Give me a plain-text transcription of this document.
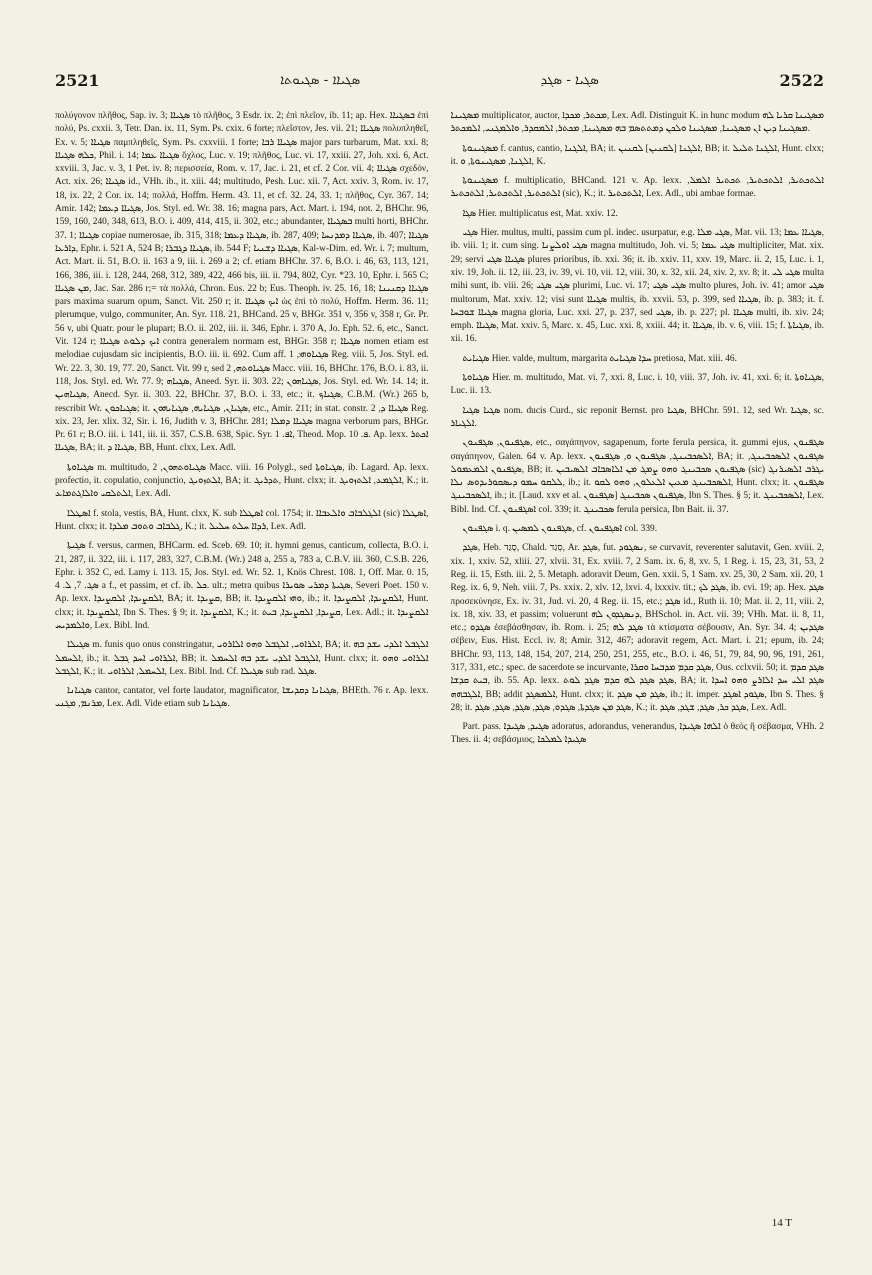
2521	ܣܓܝܐܐ - ܣܓܝܘܬܐ	ܣܓܝܐ - ܣܓܕ	2522

πολύγονον πλῆθος, Sap. iv. 3; ܣܓܝܐܐ τὸ πλῆθος, 3 Esdr. ix. 2; ἐπὶ πλεῖον, ib. 11; ap. Hex. ܒܣܓܝܐܐ ἐπὶ πολύ, Ps. cxxii. 3, Tetr. Dan. ix. 11, Sym. Ps. cxix. 6 forte; πλεῖστον, Jes. vii. 21; ܣܓܝܐܐ πολυπληθεῖ, Ex. v. 5; ܣܓܝܐܐ παμπληθεῖς, Sym. Ps. cxxviii. 1 forte; ܣܓܝܐܐ ܪܒܐ major pars turbarum, Mat. xxi. 8; ܟܠܗ ܣܓܝܐܐ, Phil. i. 14; ܣܓܝܐܐ ܥܡܐ ὄχλος, Luc. v. 19; πλῆθος, Luc. vi. 17, xxiii. 27, Joh. xxi. 6, Act. xxviii. 3, Jac. v. 3, 1 Pet. iv. 8; περισσεία, Rom. v. 17, Jac. i. 21, et cf. 2 Cor. vii. 4; ܣܓܝܐܐ σχεδόν, Act. xix. 26; ܣܓܝܐܐ id., VHh. ib., it. xiii. 44; multitudo, Pesh. Luc. xii. 7, Act. xxiv. 3, Rom. iv. 17, 18, ix. 22, 2 Cor. ix. 14; πολλά, Hoffm. Herm. 43. 11, et cf. 32. 24, 33. 1; πλῆθος, Cyr. 367. 14; Amir. 142; ܣܓܝܐܐ ܕܥܡܐ, Jos. Styl. ed. Wr. 38. 16; magna pars, Act. Mart. i. 194, not. 2, BHChr. 96, 159, 160, 240, 348, 613, B.O. i. 409, 414, 415, ii. 302, etc.; abundanter, ܒܣܓܝܐܐ multi horti, BHChr. 37. 1; ܣܓܝܐܐ copiae numerosae, ib. 315, 318; ܣܓܝܐܐ ܕܥܡܐ, ib. 287, 409; ܣܓܝܐܐ ܕܡܕܢܚܐ, ib. 407; ܣܓܝܐܐ ܕܐܪܥܐ, Ephr. i. 521 A, 524 B; ܣܓܝܐܐ ܕܓܒܪܐ, ib. 544 F; ܣܓܝܐܐ ܕܫܢܝܐ, Kal-w-Dim. ed. Wr. i. 7; multum, Act. Mart. ii. 51, B.O. ii. 163 a 9, iii. i. 269 a 2; cf. etiam BHChr. 37. 6, B.O. i. 46, 63, 113, 121, 166, 386, iii. i. 128, 244, 268, 312, 389, 422, 466 bis, iii. ii. 794, 802, Cyr. *23. 10, Ephr. i. 565 C; ܡܢ ܣܓܝܐܐ, Jac. Sar. 286 r;= τὰ πολλά, Chron. Eus. 22 b; Eus. Theoph. iv. 25. 16, 18; ܣܓܝܐܐ ܕܩܢܝܢܐ pars maxima suarum opum, Sanct. Vit. 250 r; it. ܐܝܟ ܣܓܝܐܐ ὡς ἐπὶ τὸ πολύ, Hoffm. Herm. 36. 11; plerumque, vulgo, communiter, An. Syr. 118. 21, BHCand. 25 v, BHGr. 351 v, 356 v, 358 r, Gr. Pr. 56 v, ubi Quatr. pour le plupart; B.O. ii. 202, iii. ii. 346, Ephr. i. 370 A, Jo. Eph. 52. 6, etc., Sanct. Vit. 124 r; ܐܝܟ ܕܠܘܬ ܣܓܝܐܐ contra generalem normam est, BHGr. 358 r; ܣܓܝܐܐ nomen etiam est melodiae cujusdam sic incipientis, B.O. iii. ii. 692. Cum aff. ܣܓܝܐܘܗܝ, 1 Reg. viii. 5, Jos. Styl. ed. Wr. 22. 3, 30. 19, 77. 20, Sanct. Vit. 99 r, sed ܣܓܝܐܘܬܗ, 2 Macc. viii. 16, BHChr. 176, B.O. i. 83, ii. 118, Jos. Styl. ed. Wr. 77. 9; ܣܓܝܐܗ, Aneed. Syr. ii. 303. 22; ܣܓܝܐܗܘܢ, Jos. Styl. ed. Wr. 14. 14; it. ܣܓܝܐܗܝܢ, Anecd. Syr. ii. 303. 22, BHChr. 37, B.O. i. 33, etc.; it. ܣܓܝܐܟ, C.B.M. (Wr.) 265 b, rescribit Wr. ܣܓܝܐܟܘܢ; it. ܣܓܝܐܢ, ܣܓܝܐܝܗ, ܣܓܝܐܝܗܘܢ, etc., Amir. 211; in stat. constr. ܣܓܝܐܐ ܕ, 2 Reg. xix. 23, Jer. xlix. 32, Sir. i. 16, Judith v. 3, BHChr. 281; ܣܓܝܐܐ ܕܡܠܐ magna verborum pars, BHGr. Pr. 61 r; B.O. iii. i. 141, iii. ii. 357, C.S.B. 638, Spic. Syr. ܐܦ. 1, Theod. Mop. ܦ. 10. Ap. lexx. ܐܟܬܪ ܣܓܝܐܐ, BA; it. ܣܓܝܐܐ ܕ, BB, Hunt. clxx, Lex. Adl.

ܣܓܝܐܘܬܐ m. multitudo, ܣܓܝܐܘܬܗܘܢ, 2 Macc. viii. 16 Polygl., sed ܣܓܝܐܘܬܐ, ib. Lagard. Ap. lexx. profectio, it. copulatio, conjunctio, ܐܠܬܙܘܝܓ, BA; it. ܬܕܪܝܓ, Hunt. clxx; it. ܐܠܓܡܥ, ܐܠܬܙܘܝܓ, K.; it. ܐܠܬܠܩܝ ܘܐܠܐܓܬܡܐܥ, Lex. Adl.

ܐܣܛܠܐ f. stola, vestis, BA, Hunt. clxx, K. sub ܐܣܛܠܐ col. 1754; it. ܐܠܓܠܒܐܒ ܘܐܠܥܒܐܐ (sic) ܐܣܛܠܐ, Hunt. clxx; it. ܓܠܒܐܒ ܘܬܘܒ ܡܠܕܐ, K.; it. ܪܕܐܐ ܚܠܬ ܚܠܝܠ, Lex. Adl.

ܣܓܝܬܐ f. versus, carmen, BHCarm. ed. Sceb. 69. 10; it. hymni genus, canticum, collecta, B.O. i. 21, 287, ii. 322, iii. i. 117, 283, 327, C.B.M. (Wr.) 248 a, 255 a, 783 a, C.B.V. iii. 360, C.S.B. 226, Ephr. i. 352 C, ed. Lamy i. 113. 15, Jos. Styl. ed. Wr. 52. 1, Knös Chrest. 108. 1, Off. Mar. 0. 15, ܣܓ. 7, ܠ. 4 a f., et passim, et cf. ib. ܟܠ. ult.; metra quibus ܣܓܝܬܐ ܕܡܪܝ ܣܘܝܪܐ, Severi Poet. 150 v. Ap. lexx. ܐܠܩܨܝܕܐ, ܐܠܩܨܝܕܐ, BA; it. ܩܨܝܕܐ, BB; it. ܘܗܝ ܐܠܩܨܝܕܐ, ib.; it. ܐܠܩܨܝܕܐ, ܐܠܩܨܝܕܐ, Hunt. clxx; it. ܐܠܩܨܝܕܐ, Ibn S. Thes. § 9; it. ܐܠܩܨܝܕܐ, K.; it. ܩܨܝܕܐ, ܐܠܩܨܝܕܐ, ܒܝܬ, Lex. Adl.; it. ܐܠܩܨܝܕܐ ܘܐܠܡܕܝܚ, Lex. Bibl. Ind.

ܣܓܝܠܐ m. funis quo onus constringatur, ܐܠܪܐܘܝ, ܐܠܓܒܠ ܘܗܘ ܐܠܐܪܘܝ, BA; it. ܐܠܓܒܠ ܐܠܕܝ ܝܫܕ ܒܗ ܐܠܚܡܠ, ib.; it. ܐܠܪܐܘܝ ܐܚܕ ܓܒܠ, BB; it. ܐܠܓܒܠ ܐܠܕܝ ܝܫܕ ܒܗ ܐܠܚܡܠ, Hunt. clxx; it. ܐܠܪܐܘܝ ܘܗܘ ܐܠܓܒܠ, K.; it. ܐܠܚܡܠ, ܐܠܪܐܘܝ, Lex. Bibl. Ind. Cf. ܣܓܝܠܐ sub rad. ܣܓܠ.

ܣܓܝܐܢܐ cantor, cantator, vel forte laudator, magnificator, ܣܓܝܐܢܐ ܕܩܕܝܫܐ, BHEth. 76 r. Ap. lexx. ܡܪܢܡ, ܡܓܢܝ, Lex. Adl. Vide etiam sub ܣܓܝܐܢܐ.

ܡܣܓܝܢܐ multiplicator, auctor, ܡܟܬܪ, ܡܟܕܐ, Lex. Adl. Distinguit K. in hunc modum ܡܣܓܝܢܐ ܩܪܝܐ ܠܗ ܡܣܓܝܢܐ ܕܝܢ ܐܢ ܡܣܓܝܢܐ, ܡܣܓܝܢܐ ܘܠܟܢ ܕܡܬܬܣܡ ܒܗ ܡܣܓܝܢܐ, ܡܟܬܪ, ܐܠܡܩܕܪ, ܘܐܠܡܓܢܝ, ܐܠܡܟܬܪ.

ܡܣܓܝܢܘܬܐ f. cantus, cantio, ܐܠܓܢܐ, BA; it. ܐܠܓܢܐ [ܠܩܢܝܢ] ܠܩܢܝܢ, BB; it. ܐܠܓܢܐ ܬܠܝܠ, Hunt. clxx; it. ܐܠܓܢܐ, ܡܣܓܝܢܘܬܐ, ܘ, K.

ܡܣܓܝܢܘܬܐ f. multiplicatio, BHCand. 121 v. Ap. lexx. ܐܠܬܟܬܝܪ, ܐܠܬܟܬܝܪ, ܬܟܬܝܪ ܐܠܡܠ, ܐܠܬܟܬܝܪ, ܐܠܬܟܬܝܪ, ܐܠܬܟܬܝܪ (sic), K.; it. ܐܠܬܟܬܝܪ, Lex. Adl., ubi ambae formae.

ܣܓܐ Hier. multiplicatus est, Mat. xxiv. 12.

ܣܓܝ Hier. multus, multi, passim cum pl. indec. usurpatur, e.g. ܣܓܝ ܡܠܐ, Mat. vii. 13; ܣܓܝܐܐ ܥܡܐ, ib. viii. 1; it. cum sing. ܣܓܝ ܐܘܠܨܢܐ magna multitudo, Joh. vi. 5; ܣܓܝ ܥܡܐ multipliciter, Mat. xix. 29; servi ܣܓܝܐܐ ܣܓܝ plures prioribus, ib. xxi. 36; it. ib. xxiv. 11, xxv. 19, Marc. ii. 2, 15, Luc. i. 1, xiv. 19, Joh. ii. 12, iii. 23, iv. 39, vi. 10, vii. 12, viii. 30, x. 32, xii. 24, xiv. 2, xv. 8; it. ܣܓܝ ܠܝ multa mihi sunt, ib. viii. 26; ܣܓܝ ܣܓܝ plurimi, Luc. vi. 17; ܣܓܝ ܣܓܝ multo plures, Joh. iv. 41; amor ܣܓܝ multorum, Mat. xxiv. 12; visi sunt ܣܓܝܐܐ multis, ib. xxvii. 53, p. 399, sed ܣܓܝܐܐ, ib. p. 383; it. f. ܣܓܝܐܐ ܫܘܒܚܐ magna gloria, Luc. xxi. 27, p. 237, sed ܣܓܝ, ib. p. 227; pl. ܣܓܝܐܐ multi, ib. xiv. 24; emph. ܣܓܝܐܐ, Mat. xxiv. 5, Marc. x. 45, Luc. xxi. 8, xxiii. 44; it. ܣܓܝܐܐ, ib. v. 6, viii. 15; f. ܣܓܝܐܬܐ, ib. xii. 16.

ܣܓܝܐܝܬ Hier. valde, multum, margarita ܚܕܐ ܣܓܝܐܝܬ pretiosa, Mat. xiii. 46.

ܣܓܝܐܘܬܐ Hier. m. multitudo, Mat. vi. 7, xxi. 8, Luc. i. 10, viii. 37, Joh. iv. 41, xxi. 6; it. ܣܓܝܐܘܬܐ, Luc. ii. 13.

ܣܓܝܐ ܣܓܝܐ nom. ducis Curd., sic reponit Bernst. pro ܣܓܝܐ, BHChr. 591. 12, sed Wr. ܣܓܝܐ, sc. ܐܠܓܝܐܪ.

ܣܓܦܢܘܢ, ܣܓܦܢܘܢ, etc., σαγάπηνον, sagapenum, forte ferula persica, it. gummi ejus, ܣܓܦܢܘܢ σαγάπηνον, Galen. 64 v. Ap. lexx. ܐܠܣܟܒܝܢܓ, ܣܓܦܢܘܢ ܘ, ܣܓܦܢܘܢ, BA; it. ܣܓܦܢܘܢ ܐܠܣܟܒܝܢܓ, ܣܓܦܢܘܢ ܐܠܡܥܡܘܠ, BB; it. ܣܓܦܢܘܢ ܣܟܒܝܢܓ ܘܗܘ ܨܡܓ ܡܢ ܐܠܐܣܒܐܒ ܐܠܣܝܒܝܢ (sic) ܝܓܪܒ ܐܠܣܝܪܢܓ ܠܠܩܘ ܚܡܘ ܕܝܣܩܘܪܝܕܘܣ ܢܠܐ, ib.; it. ܐܠܣܟܒܝܢܓ ܡܥܝܢ ܐܠܥܠܘܢ, ܘܗܘ ܠܩܘ, Hunt. clxx; it. ܣܓܦܢܘܢ ܐܠܣܟܒܝܢܓ, ib.; it. [Laud. xxv et al. ܣܓܦܢܘܢ] ܣܓܦܢܘܢ ܣܟܒܝܢܓ, Ibn S. Thes. § 5; it. ܐܠܣܟܒܝܢܓ, Lex. Bibl. Ind. Cf. ܐܣܓܦܢܘܢ col. 339; it. ܣܟܒܝܢܓ ferula persica, Ibn Bait. ii. 37.

ܣܓܦܢܘܢ i. q. ܣܓܦܢܘܢ ܠܡܣܝܢ, cf. ܐܣܓܦܢܘܢ col. 339.

ܣܓܕ, Heb. סָגַד, Chald. סְגַד, Ar. ܣܓܕ, fut. ܢܣܓܘܕ, se curvavit, reverenter salutavit, Gen. xviii. 2, xix. 1, xxiv. 52, xliii. 27, xlvii. 31, Ex. xviii. 7, 2 Sam. ix. 6, 8, xv. 5, 1 Reg. i. 15, 23, 31, 53, 2 Reg. ii. 15, Esth. iii. 2, 5. Metaph. adoravit Deum, Gen. xxii. 5, 1 Sam. xv. 25, 30, 2 Sam. xii. 20, 1 Reg. ix. 6, 9, Neh. viii. 7, Ps. xxix. 2, xlv. 12, lxvi. 4, lxxxiv. tit.; ܣܓܕ ܠܟ, ib. cvi. 19; ap. Hex. ܣܓܕ προσεκύνησε, Ex. iv. 31, Jud. vi. 20, 4 Reg. ii. 15, etc.; ܣܓܕ id., Ruth ii. 10; Mat. ii. 2, 11, viii. 2, ix. 18, xiv. 33, et passim; voluerunt ܕܢܣܓܕܘܢ ܠܗ, BHSchol. in. Act. vii. 39; VHh. Mat. ii. 8, 11, etc.; ܣܓܕܘ ἐσεβάσθησαν, ib. Rom. i. 25; ܣܓܕ ܠܗ τὰ κτίσματα σέβουσιν, An. Syr. 34. 4; ܣܓܕܝܢ σέβειν, Eus. Hist. Eccl. iv. 8; Amir. 312, 467; adoravit regem, Act. Mart. i. 21; epum, ib. 24; BHChr. 93, 113, 148, 154, 207, 214, 250, 251, 255, etc., B.O. i. 46, 51, 79, 84, 90, 96, 191, 261, 317, 331, etc.; spec. de sacerdote se incurvante, ܣܓܕ ܩܕܡ ܡܕܒܚܐ ܘܩܪܐ, Ous. cclxvii. 50; it. ܣܓܕ ܩܕܡ ܒܝܬ ܩܕܫܐ, ib. 55. Ap. lexx. ܣܓܕ ܣܓܕ ܠܗ ܩܕܡ ܣܓܕ ܠܘܬ, BA; it. ܣܓܕ ܐܠܝ ܚܕ ܐܠܐܪܨ ܘܗܘ ܐܚܕܐ ܐܠܓܒܗܗ, BB; addit ܐܠܡܣܓܕ, Hunt. clxx; it. ܣܓܕ ܡܢ ܣܓܕ, ib.; it. imper. ܣܓܘܕ ܐܣܓܕ, Ibn S. Thes. § 28; it. ܣܓܕ ܡܢ ܣܓܕܬܐ, ܣܓܕܘ, ܣܓܕ, ܣܓܕ, ܣܓܕ, ܣܓܕ, K.; it. ܣܓܕ ܟܪ, ܣܓܕ, ܫܓܕ, ܣܓܕ, Lex. Adl.

Part. pass. ܣܓܝܕ, ܣܓܝܕܐ adoratus, adorandus, venerandus, ܐܠܗܐ ܣܓܝܕܐ ὁ θεὸς ἢ σέβασμα, VHh. 2 Thes. ii. 4; σεβάσμιος, ܣܓܝܕܐ ܠܡܠܟܐ

14 T
